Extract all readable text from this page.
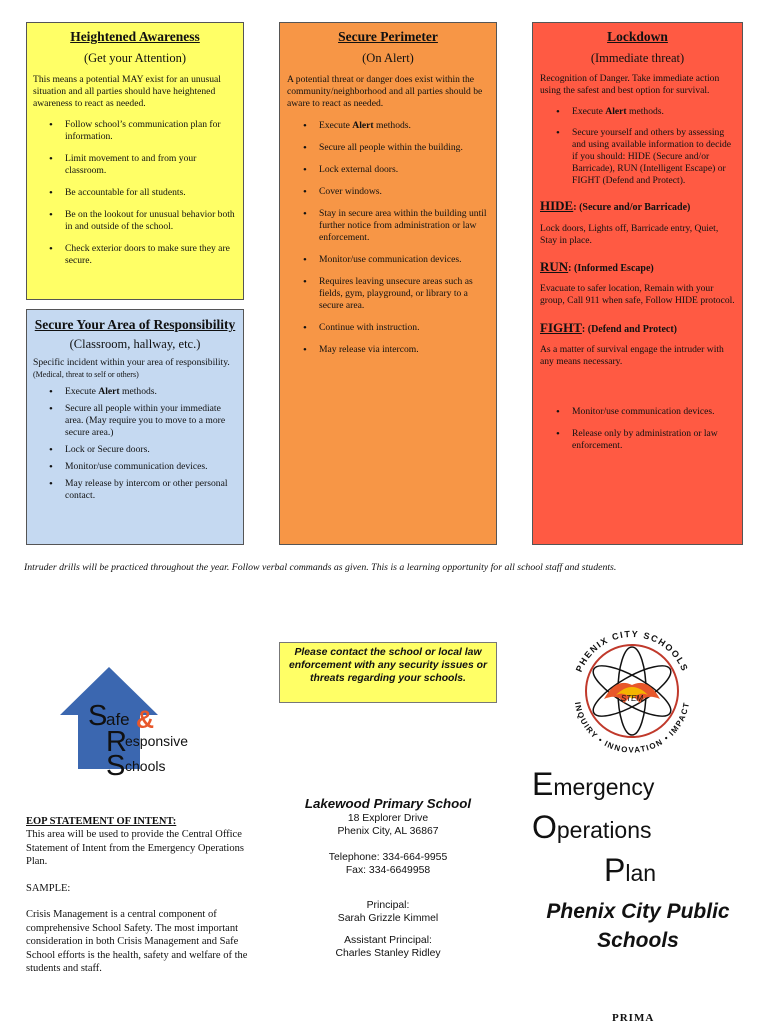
Heightened Awareness
(Get your Attention)

This means a potential MAY exist for an unusual situation and all parties should have heightened awareness to react as needed.

• Follow school’s communication plan for information.
• Limit movement to and from your classroom.
• Be accountable for all students.
• Be on the lookout for unusual behavior both in and outside of the school.
• Check exterior doors to make sure they are secure.
Secure Your Area of Responsibility
(Classroom, hallway, etc.)

Specific incident within your area of responsibility. (Medical, threat to self or others)

• Execute Alert methods.
• Secure all people within your immediate area. (May require you to move to a more secure area.)
• Lock or Secure doors.
• Monitor/use communication devices.
• May release by intercom or other personal contact.
Secure Perimeter
(On Alert)

A potential threat or danger does exist within the community/neighborhood and all parties should be aware to react as needed.

• Execute Alert methods.
• Secure all people within the building.
• Lock external doors.
• Cover windows.
• Stay in secure area within the building until further notice from administration or law enforcement.
• Monitor/use communication devices.
• Requires leaving unsecure areas such as fields, gym, playground, or library to a secure area.
• Continue with instruction.
• May release via intercom.
Lockdown
(Immediate threat)

Recognition of Danger. Take immediate action using the safest and best option for survival.

• Execute Alert methods.
• Secure yourself and others by assessing and using available information to decide if you should: HIDE (Secure and/or Barricade), RUN (Intelligent Escape) or FIGHT (Defend and Protect).
HIDE: (Secure and/or Barricade)

Lock doors, Lights off, Barricade entry, Quiet, Stay in place.

RUN: (Informed Escape)

Evacuate to safer location, Remain with your group, Call 911 when safe, Follow HIDE protocol.

FIGHT: (Defend and Protect)

As a matter of survival engage the intruder with any means necessary.

• Monitor/use communication devices.
• Release only by administration or law enforcement.
Intruder drills will be practiced throughout the year. Follow verbal commands as given. This is a learning opportunity for all school staff and students.
Please contact the school or local law enforcement with any security issues or threats regarding your schools.
S
afe &
R
esponsive
S chools
EOP STATEMENT OF INTENT:

This area will be used to provide the Central Office Statement of Intent from the Emergency Operations Plan.

SAMPLE:

Crisis Management is a central component of comprehensive School Safety. The most important consideration in both Crisis Management and Safe School efforts is the health, safety and welfare of the students and staff.

Lakewood Primary School
18 Explorer Drive
Phenix City, AL 36867
Telephone: 334-664-9955
Fax: 334-6649958
Principal:
Sarah Grizzle Kimmel
Assistant Principal:
Charles Stanley Ridley
STEM
PHENIX CITY SCHOOLS
INQUIRY • INNOVATION • IMPACT
Emergency
Operations
Plan
Phenix City Public
Schools
PRIMA
